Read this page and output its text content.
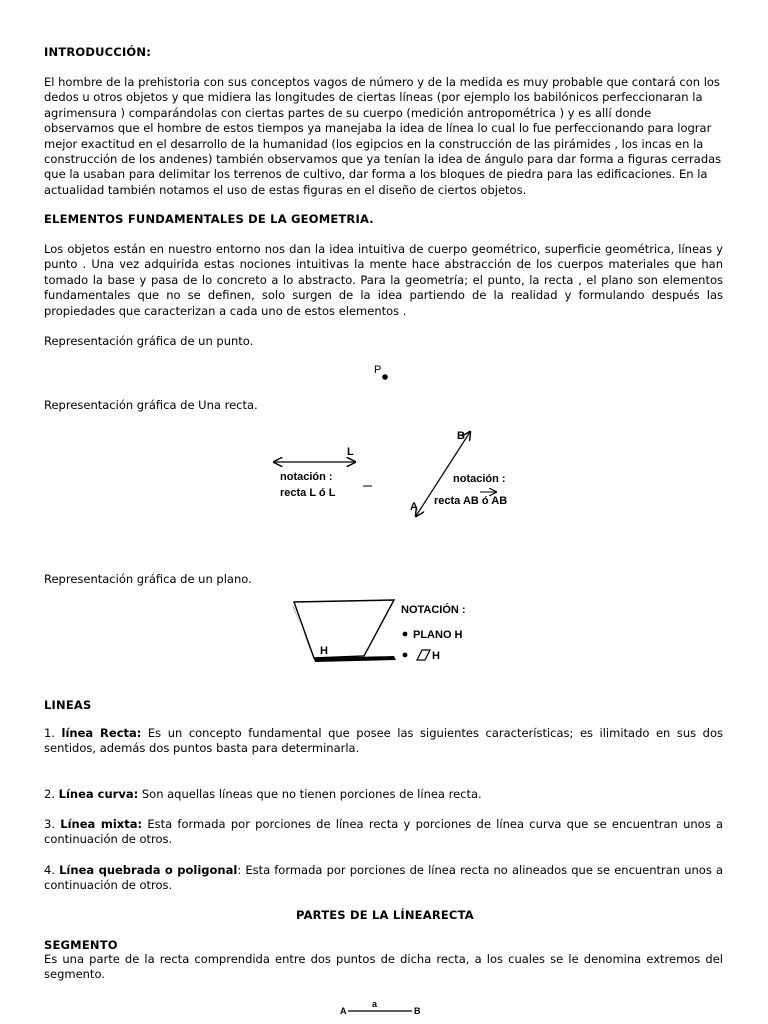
INTRODUCCIÓN:

El hombre de la prehistoria con sus conceptos vagos de número y de la medida es muy probable que contará con los dedos u otros objetos y que midiera las longitudes de ciertas líneas (por ejemplo los babilónicos perfeccionaran la agrimensura ) comparándolas con ciertas partes de su cuerpo (medición antropométrica ) y es allí donde observamos que el hombre de estos tiempos ya manejaba la idea de línea lo cual lo fue perfeccionando para lograr mejor exactitud en el desarrollo de la humanidad (los egipcios en la construcción de las pirámides , los incas en la construcción de los andenes) también observamos que ya tenían la idea de ángulo para dar forma a figuras cerradas que la usaban para delimitar los terrenos de cultivo, dar forma a los bloques de piedra para las edificaciones. En la actualidad también notamos el uso de estas figuras en el diseño de ciertos objetos.

ELEMENTOS FUNDAMENTALES DE LA GEOMETRIA.

Los objetos están en nuestro entorno nos dan la idea intuitiva de cuerpo geométrico, superficie geométrica, líneas y punto . Una vez adquirida estas nociones intuitivas la mente hace abstracción de los cuerpos materiales que han tomado la base y pasa de lo concreto a lo abstracto. Para la geometría; el punto, la recta , el plano son elementos fundamentales que no se definen, solo surgen de la idea partiendo de la realidad y formulando después las propiedades que caracterizan a cada uno de estos elementos .

Representación gráfica de un punto.

P

Representación gráfica de Una recta.

L
notación :
recta L ó L
B
A
notación :
recta AB ó AB

Representación gráfica de un plano.

H
NOTACIÓN :
PLANO H
H
LINEAS

1. línea Recta: Es un concepto fundamental que posee las siguientes características; es ilimitado en sus dos sentidos, además dos puntos basta para determinarla.

2. Línea curva: Son aquellas líneas que no tienen porciones de línea recta.

3. Línea mixta: Esta formada por porciones de línea recta y porciones de línea curva que se encuentran unos a continuación de otros.

4. Línea quebrada o poligonal: Esta formada por porciones de línea recta no alineados que se encuentran unos a continuación de otros.

PARTES DE LA LÍNEARECTA
SEGMENTO

Es una parte de la recta comprendida entre dos puntos de dicha recta, a los cuales se le denomina extremos del segmento.

A
a
B
